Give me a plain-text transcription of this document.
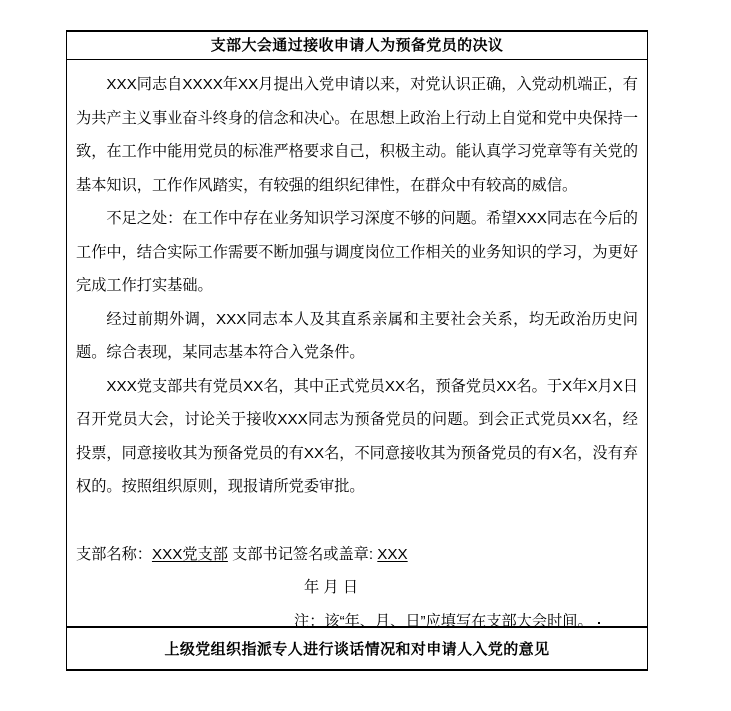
支部大会通过接收申请人为预备党员的决议

XXX同志自XXXX年XX月提出入党申请以来，对党认识正确，入党动机端正，有为共产主义事业奋斗终身的信念和决心。在思想上政治上行动上自觉和党中央保持一致，在工作中能用党员的标准严格要求自己，积极主动。能认真学习党章等有关党的基本知识，工作作风踏实，有较强的组织纪律性，在群众中有较高的威信。

不足之处：在工作中存在业务知识学习深度不够的问题。希望XXX同志在今后的工作中，结合实际工作需要不断加强与调度岗位工作相关的业务知识的学习，为更好完成工作打实基础。

经过前期外调，XXX同志本人及其直系亲属和主要社会关系，均无政治历史问题。综合表现，某同志基本符合入党条件。

XXX党支部共有党员XX名，其中正式党员XX名，预备党员XX名。于X年X月X日召开党员大会，讨论关于接收XXX同志为预备党员的问题。到会正式党员XX名，经投票，同意接收其为预备党员的有XX名，不同意接收其为预备党员的有X名，没有弃权的。按照组织原则，现报请所党委审批。

支部名称：XXX党支部 支部书记签名或盖章: XXX

年 月 日

注：该“年、月、日”应填写在支部大会时间。

上级党组织指派专人进行谈话情况和对申请人入党的意见
